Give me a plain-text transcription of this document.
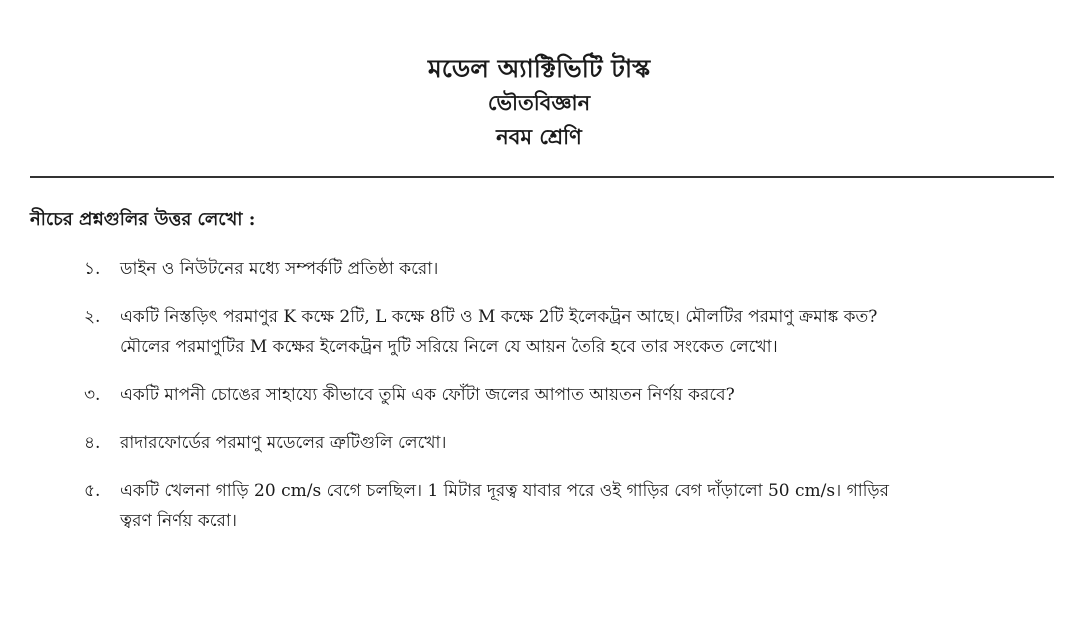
মডেল অ্যাক্টিভিটি টাস্ক
ভৌতবিজ্ঞান
নবম শ্রেণি
নীচের প্রশ্নগুলির উত্তর লেখো :
১. ডাইন ও নিউটনের মধ্যে সম্পর্কটি প্রতিষ্ঠা করো।
২. একটি নিস্তড়িৎ পরমাণুর K কক্ষে 2টি, L কক্ষে 8টি ও M কক্ষে 2টি ইলেকট্রন আছে। মৌলটির পরমাণু ক্রমাঙ্ক কত?
মৌলের পরমাণুটির M কক্ষের ইলেকট্রন দুটি সরিয়ে নিলে যে আয়ন তৈরি হবে তার সংকেত লেখো।
৩. একটি মাপনী চোঙের সাহায্যে কীভাবে তুমি এক ফোঁটা জলের আপাত আয়তন নির্ণয় করবে?
৪. রাদারফোর্ডের পরমাণু মডেলের ত্রুটিগুলি লেখো।
৫. একটি খেলনা গাড়ি 20 cm/s বেগে চলছিল। 1 মিটার দূরত্ব যাবার পরে ওই গাড়ির বেগ দাঁড়ালো 50 cm/s। গাড়ির
ত্বরণ নির্ণয় করো।
